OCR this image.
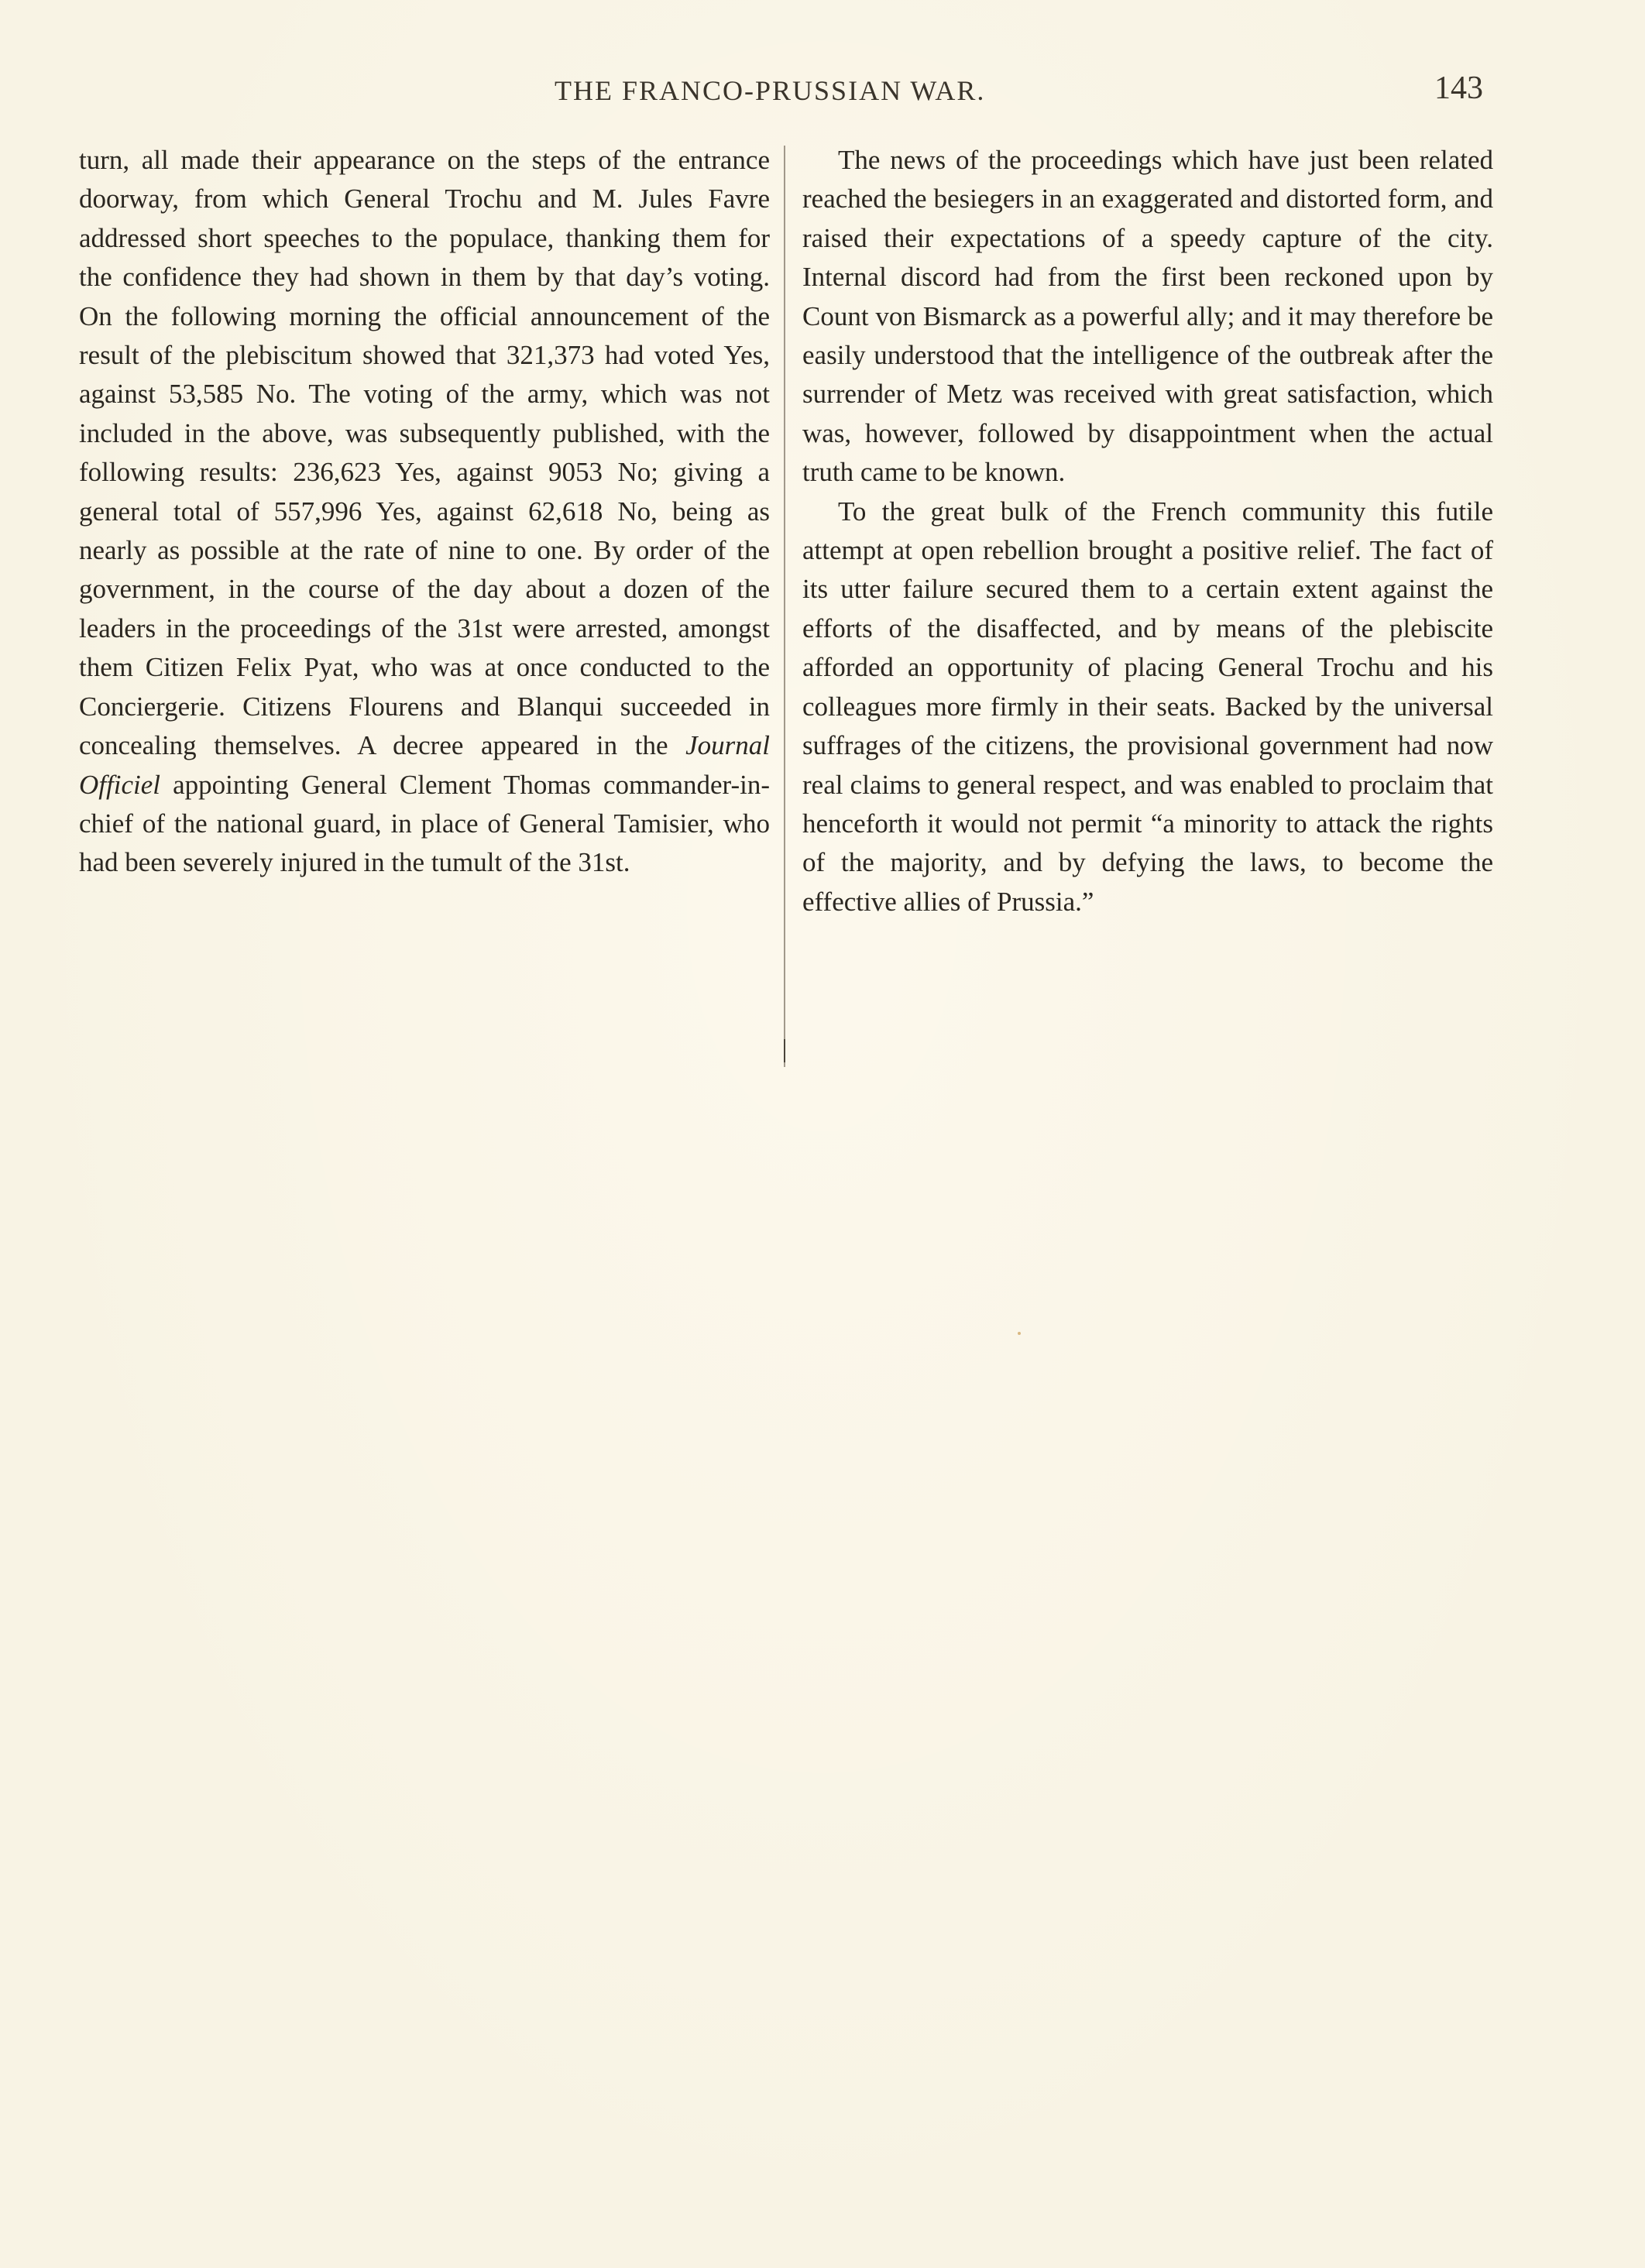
THE FRANCO-PRUSSIAN WAR.	143

turn, all made their appearance on the steps of the entrance doorway, from which General Trochu and M. Jules Favre addressed short speeches to the populace, thanking them for the confidence they had shown in them by that day’s voting. On the following morning the official announcement of the result of the plebiscitum showed that 321,373 had voted Yes, against 53,585 No. The voting of the army, which was not included in the above, was subsequently published, with the following results: 236,623 Yes, against 9053 No; giving a general total of 557,996 Yes, against 62,618 No, being as nearly as possible at the rate of nine to one. By order of the government, in the course of the day about a dozen of the leaders in the proceedings of the 31st were arrested, amongst them Citizen Felix Pyat, who was at once conducted to the Conciergerie. Citizens Flourens and Blanqui succeeded in concealing themselves. A decree appeared in the Journal Officiel appointing General Clement Thomas commander-in-chief of the national guard, in place of General Tamisier, who had been severely injured in the tumult of the 31st.

The news of the proceedings which have just been related reached the besiegers in an exaggerated and distorted form, and raised their expectations of a speedy capture of the city. Internal discord had from the first been reckoned upon by Count von Bismarck as a powerful ally; and it may therefore be easily understood that the intelligence of the outbreak after the surrender of Metz was received with great satisfaction, which was, however, followed by disappointment when the actual truth came to be known.

To the great bulk of the French community this futile attempt at open rebellion brought a positive relief. The fact of its utter failure secured them to a certain extent against the efforts of the disaffected, and by means of the plebiscite afforded an opportunity of placing General Trochu and his colleagues more firmly in their seats. Backed by the universal suffrages of the citizens, the provisional government had now real claims to general respect, and was enabled to proclaim that henceforth it would not permit “a minority to attack the rights of the majority, and by defying the laws, to become the effective allies of Prussia.”
